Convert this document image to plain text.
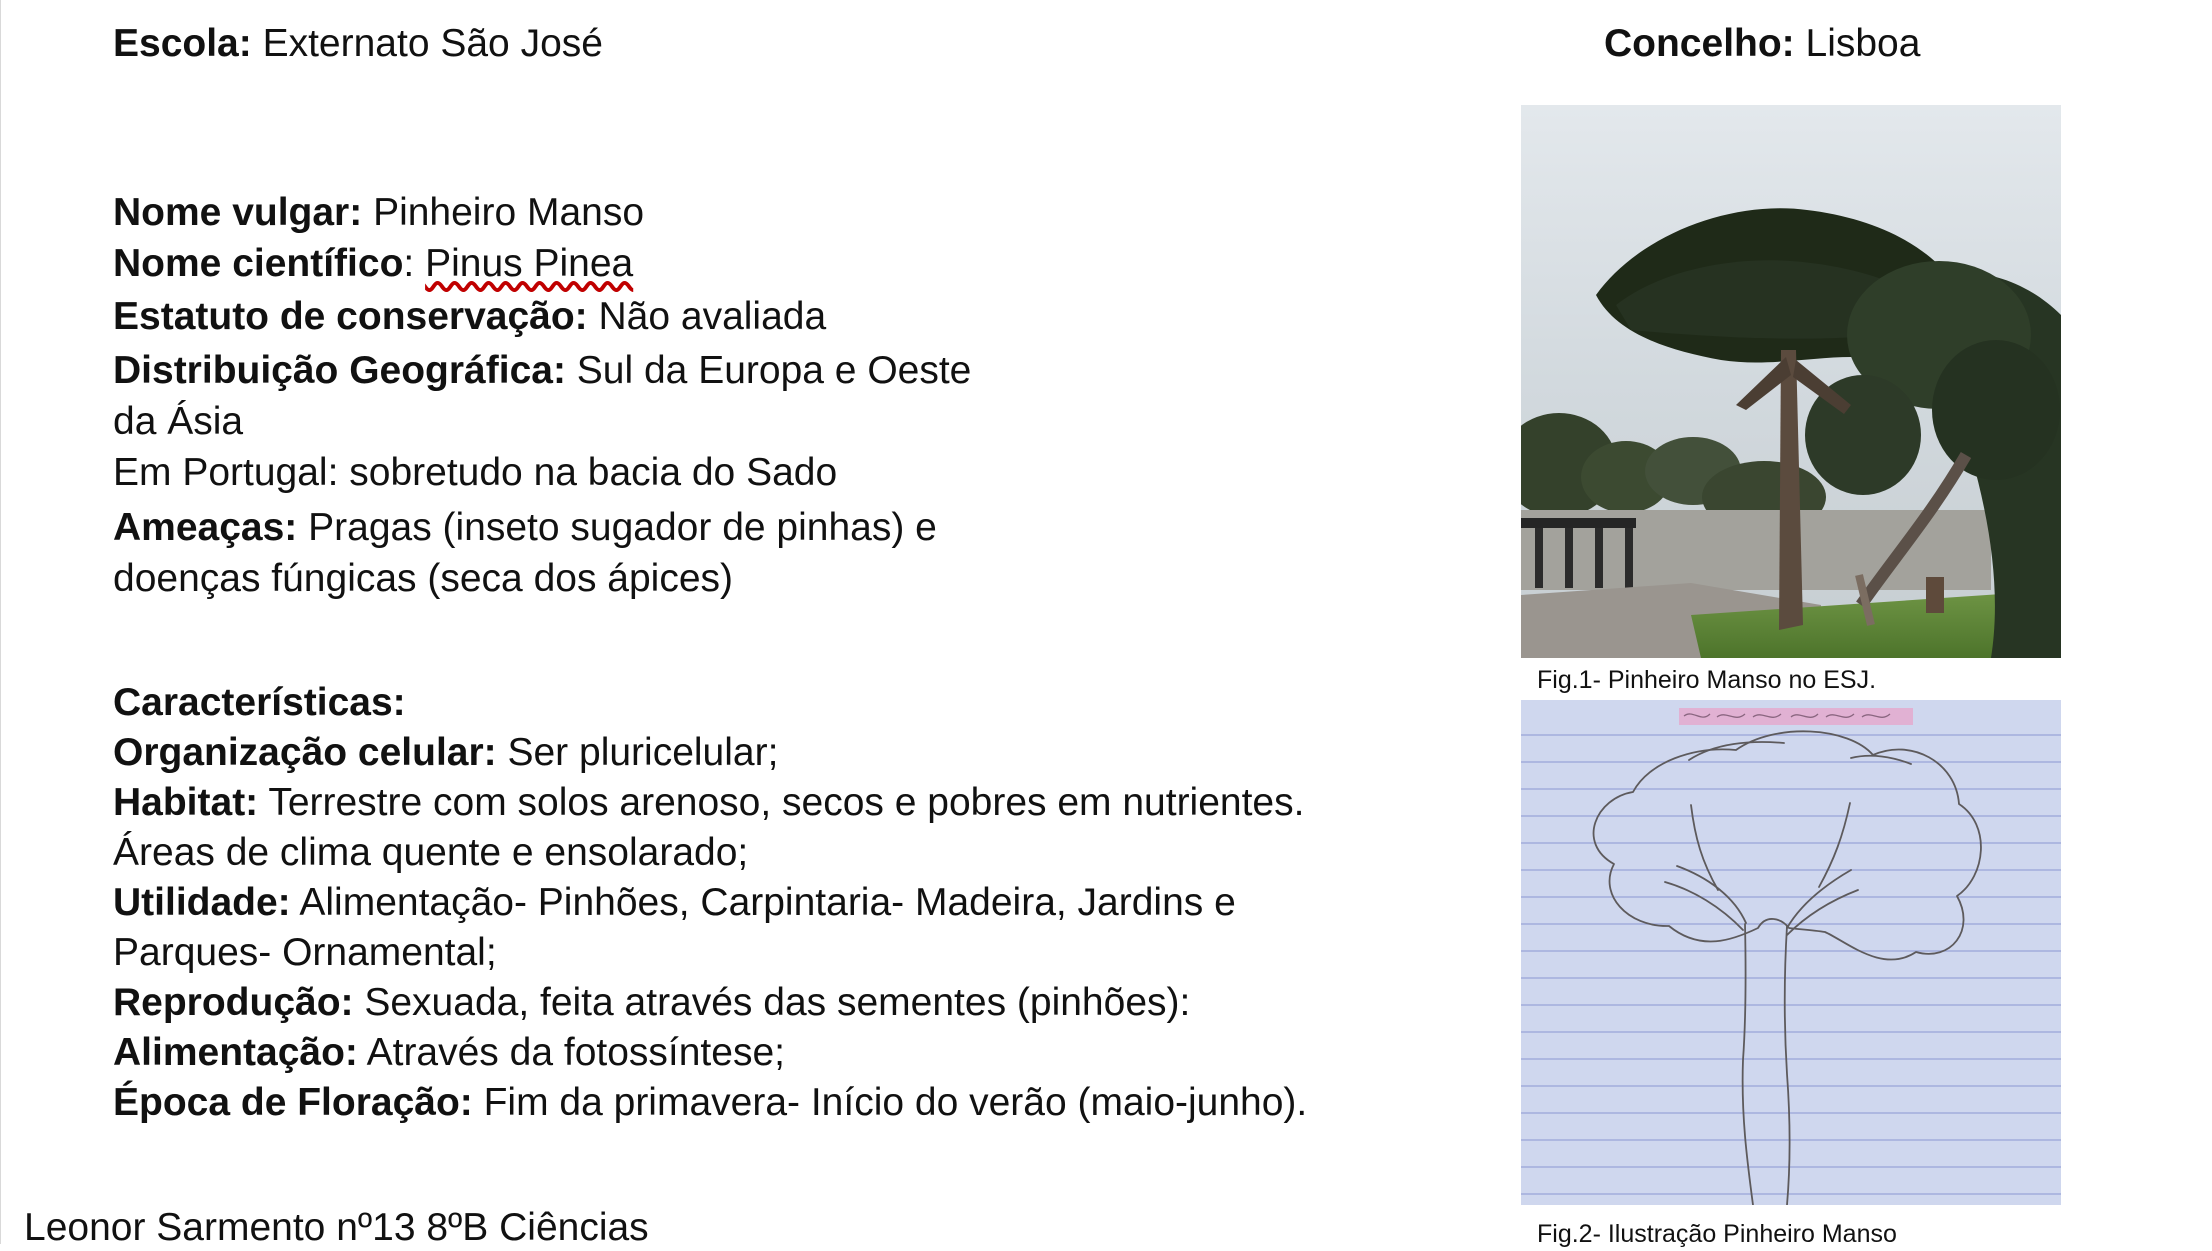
Escola: Externato São José	Concelho: Lisboa
Nome vulgar: Pinheiro Manso
Nome científico: Pinus Pinea
Estatuto de conservação: Não avaliada
Distribuição Geográfica: Sul da Europa e Oeste
da Ásia
Em Portugal: sobretudo na bacia do Sado
Ameaças: Pragas (inseto sugador de pinhas) e
doenças fúngicas (seca dos ápices)
Características:
Organização celular: Ser pluricelular;
Habitat: Terrestre com solos arenoso, secos e pobres em nutrientes.
Áreas de clima quente e ensolarado;
Utilidade: Alimentação- Pinhões, Carpintaria- Madeira, Jardins e
Parques- Ornamental;
Reprodução: Sexuada, feita através das sementes (pinhões):
Alimentação: Através da fotossíntese;
Época de Floração: Fim da primavera- Início do verão (maio-junho).
Leonor Sarmento nº13 8ºB Ciências
Fig.1- Pinheiro Manso no ESJ.
Fig.2- Ilustração Pinheiro Manso
